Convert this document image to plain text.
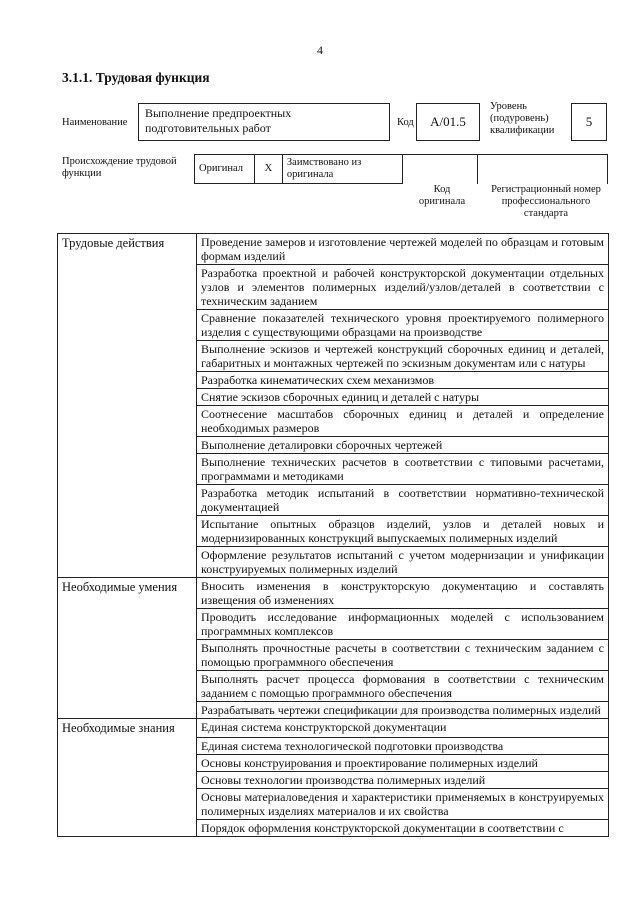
4
3.1.1. Трудовая функция
Наименование
Выполнение предпроектных подготовительных работ	Код	A/01.5
Уровень (подуровень) квалификации
5
Происхождение трудовой функции	Оригинал	X	Заимствовано из оригинала		
Код оригинала
Регистрационный номер профессионального стандарта
Трудовые действия	Проведение замеров и изготовление чертежей моделей по образцам и готовым формам изделий
	Разработка проектной и рабочей конструкторской документации отдельных узлов и элементов полимерных изделий/узлов/деталей в соответствии с техническим заданием
	Сравнение показателей технического уровня проектируемого полимерного изделия с существующими образцами на производстве
	Выполнение эскизов и чертежей конструкций сборочных единиц и деталей, габаритных и монтажных чертежей по эскизным документам или с натуры
	Разработка кинематических схем механизмов
	Снятие эскизов сборочных единиц и деталей с натуры
	Соотнесение масштабов сборочных единиц и деталей и определение необходимых размеров
	Выполнение деталировки сборочных чертежей
	Выполнение технических расчетов в соответствии с типовыми расчетами, программами и методиками
	Разработка методик испытаний в соответствии нормативно-технической документацией
	Испытание опытных образцов изделий, узлов и деталей новых и модернизированных конструкций выпускаемых полимерных изделий
	Оформление результатов испытаний с учетом модернизации и унификации конструируемых полимерных изделий
Необходимые умения	Вносить изменения в конструкторскую документацию и составлять извещения об изменениях
	Проводить исследование информационных моделей с использованием программных комплексов
	Выполнять прочностные расчеты в соответствии с техническим заданием с помощью программного обеспечения
	Выполнять расчет процесса формования в соответствии с техническим заданием с помощью программного обеспечения
	Разрабатывать чертежи спецификации для производства полимерных изделий
Необходимые знания	Единая система конструкторской документации
	Единая система технологической подготовки производства
	Основы конструирования и проектирование полимерных изделий
	Основы технологии производства полимерных изделий
	Основы материаловедения и характеристики применяемых в конструируемых полимерных изделиях материалов и их свойства
	Порядок оформления конструкторской документации в соответствии с
